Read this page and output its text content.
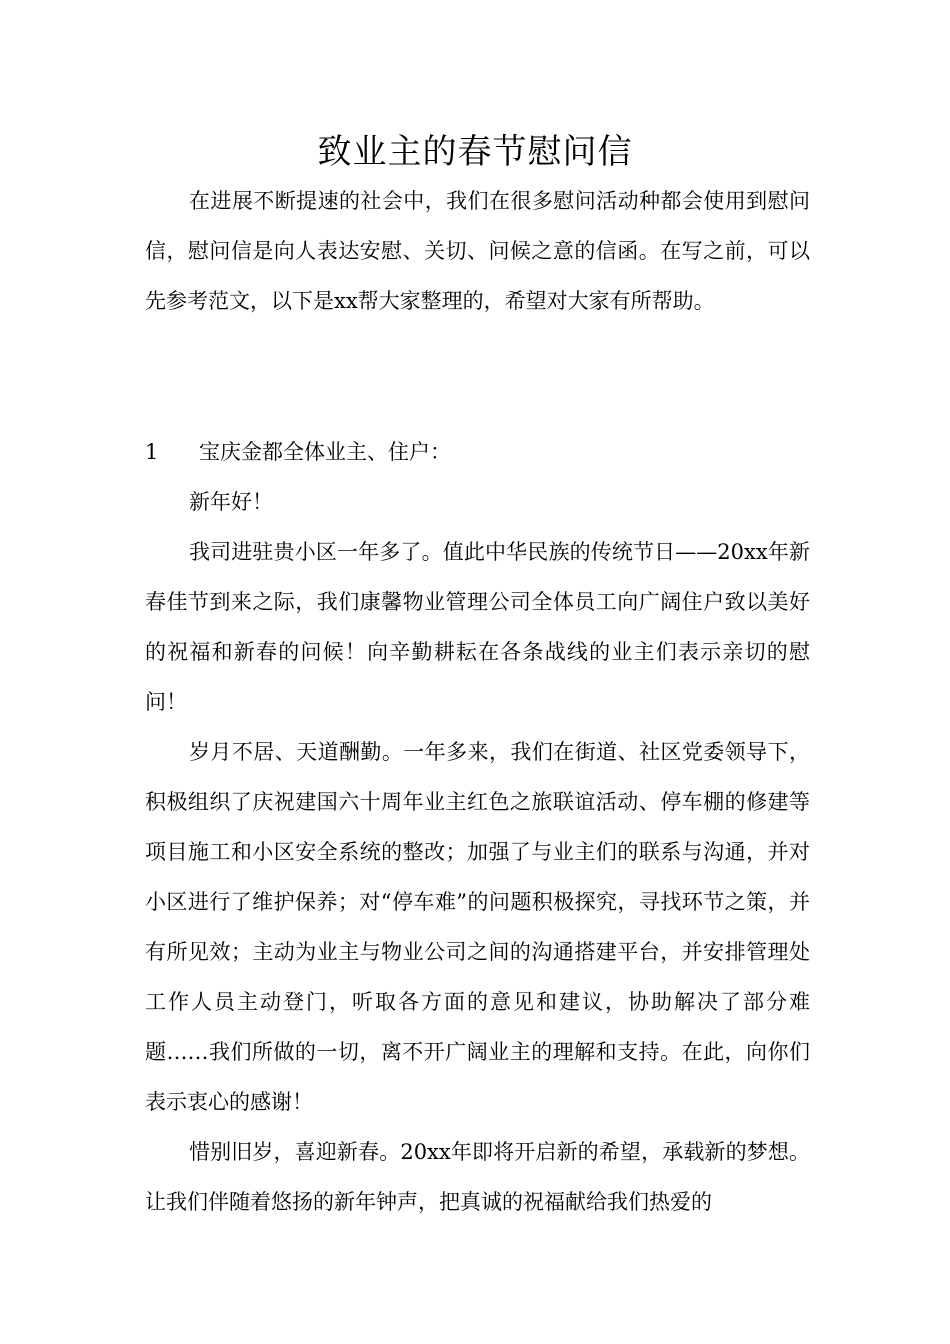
致业主的春节慰问信

在进展不断提速的社会中，我们在很多慰问活动种都会使用到慰问信，慰问信是向人表达安慰、关切、问候之意的信函。在写之前，可以先参考范文，以下是xx帮大家整理的，希望对大家有所帮助。

1 宝庆金都全体业主、住户：

新年好！

我司进驻贵小区一年多了。值此中华民族的传统节日——20xx年新春佳节到来之际，我们康馨物业管理公司全体员工向广阔住户致以美好的祝福和新春的问候！向辛勤耕耘在各条战线的业主们表示亲切的慰问！

岁月不居、天道酬勤。一年多来，我们在街道、社区党委领导下，积极组织了庆祝建国六十周年业主红色之旅联谊活动、停车棚的修建等项目施工和小区安全系统的整改；加强了与业主们的联系与沟通，并对小区进行了维护保养；对“停车难”的问题积极探究，寻找环节之策，并有所见效；主动为业主与物业公司之间的沟通搭建平台，并安排管理处工作人员主动登门，听取各方面的意见和建议，协助解决了部分难题……我们所做的一切，离不开广阔业主的理解和支持。在此，向你们表示衷心的感谢！

惜别旧岁，喜迎新春。20xx年即将开启新的希望，承载新的梦想。让我们伴随着悠扬的新年钟声，把真诚的祝福献给我们热爱的
